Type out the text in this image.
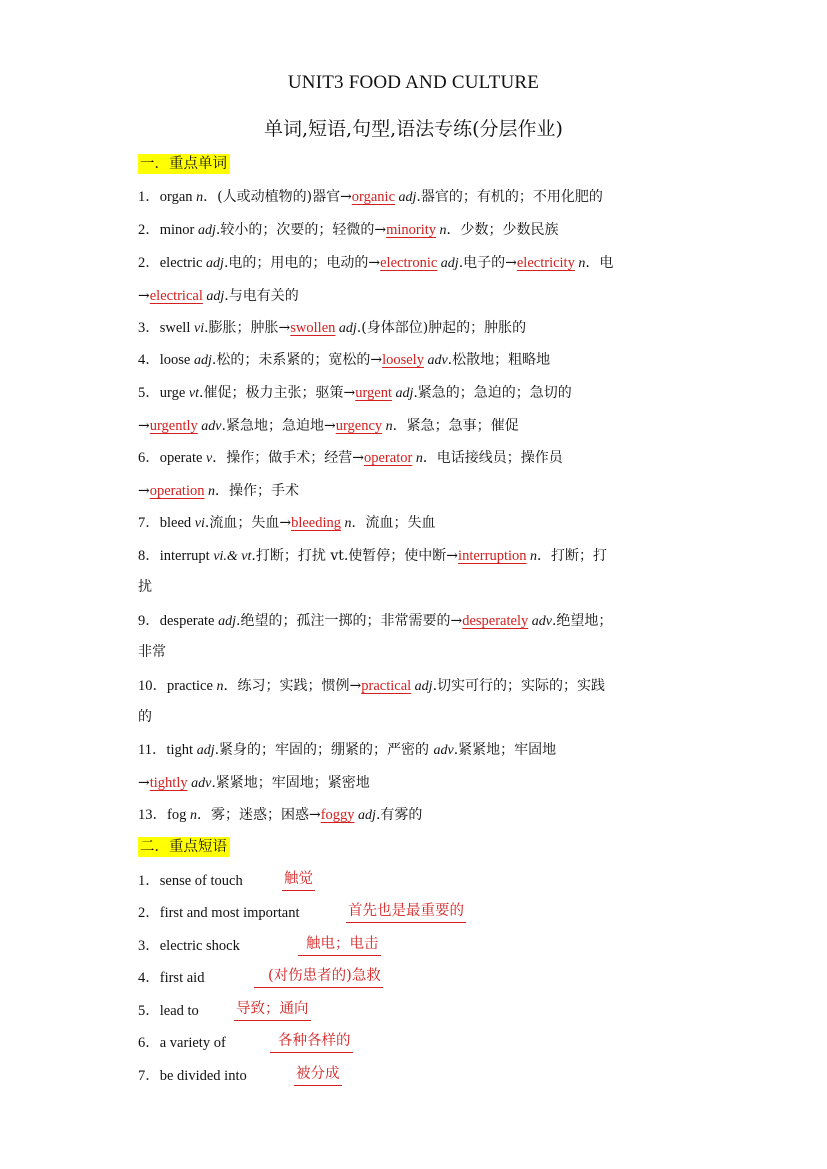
UNIT3 FOOD AND CULTURE
单词,短语,句型,语法专练(分层作业)
一．重点单词
1．organ n．(人或动植物的)器官→organic adj.器官的；有机的；不用化肥的
2．minor adj.较小的；次要的；轻微的→minority n．少数；少数民族
2．electric adj.电的；用电的；电动的→electronic adj.电子的→electricity n．电
→electrical adj.与电有关的
3．swell vi.膨胀；肿胀→swollen adj.(身体部位)肿起的；肿胀的
4．loose adj.松的；未系紧的；宽松的→loosely adv.松散地；粗略地
5．urge vt.催促；极力主张；驱策→urgent adj.紧急的；急迫的；急切的
→urgently adv.紧急地；急迫地→urgency n．紧急；急事；催促
6．operate v．操作；做手术；经营→operator n．电话接线员；操作员
→operation n．操作；手术
7．bleed vi.流血；失血→bleeding n．流血；失血
8．interrupt vi.& vt.打断；打扰 vt.使暂停；使中断→interruption n．打断；打
扰
9．desperate adj.绝望的；孤注一掷的；非常需要的→desperately adv.绝望地；
非常
10．practice n．练习；实践；惯例→practical adj.切实可行的；实际的；实践
的
11．tight adj.紧身的；牢固的；绷紧的；严密的 adv.紧紧地；牢固地
→tightly adv.紧紧地；牢固地；紧密地
13．fog n．雾；迷惑；困惑→foggy adj.有雾的
二．重点短语
1．sense of touch	触觉
2．first and most important	首先也是最重要的
3．electric shock	触电；电击
4．first aid	(对伤患者的)急救
5．lead to	导致；通向
6．a variety of	各种各样的
7．be divided into	被分成
